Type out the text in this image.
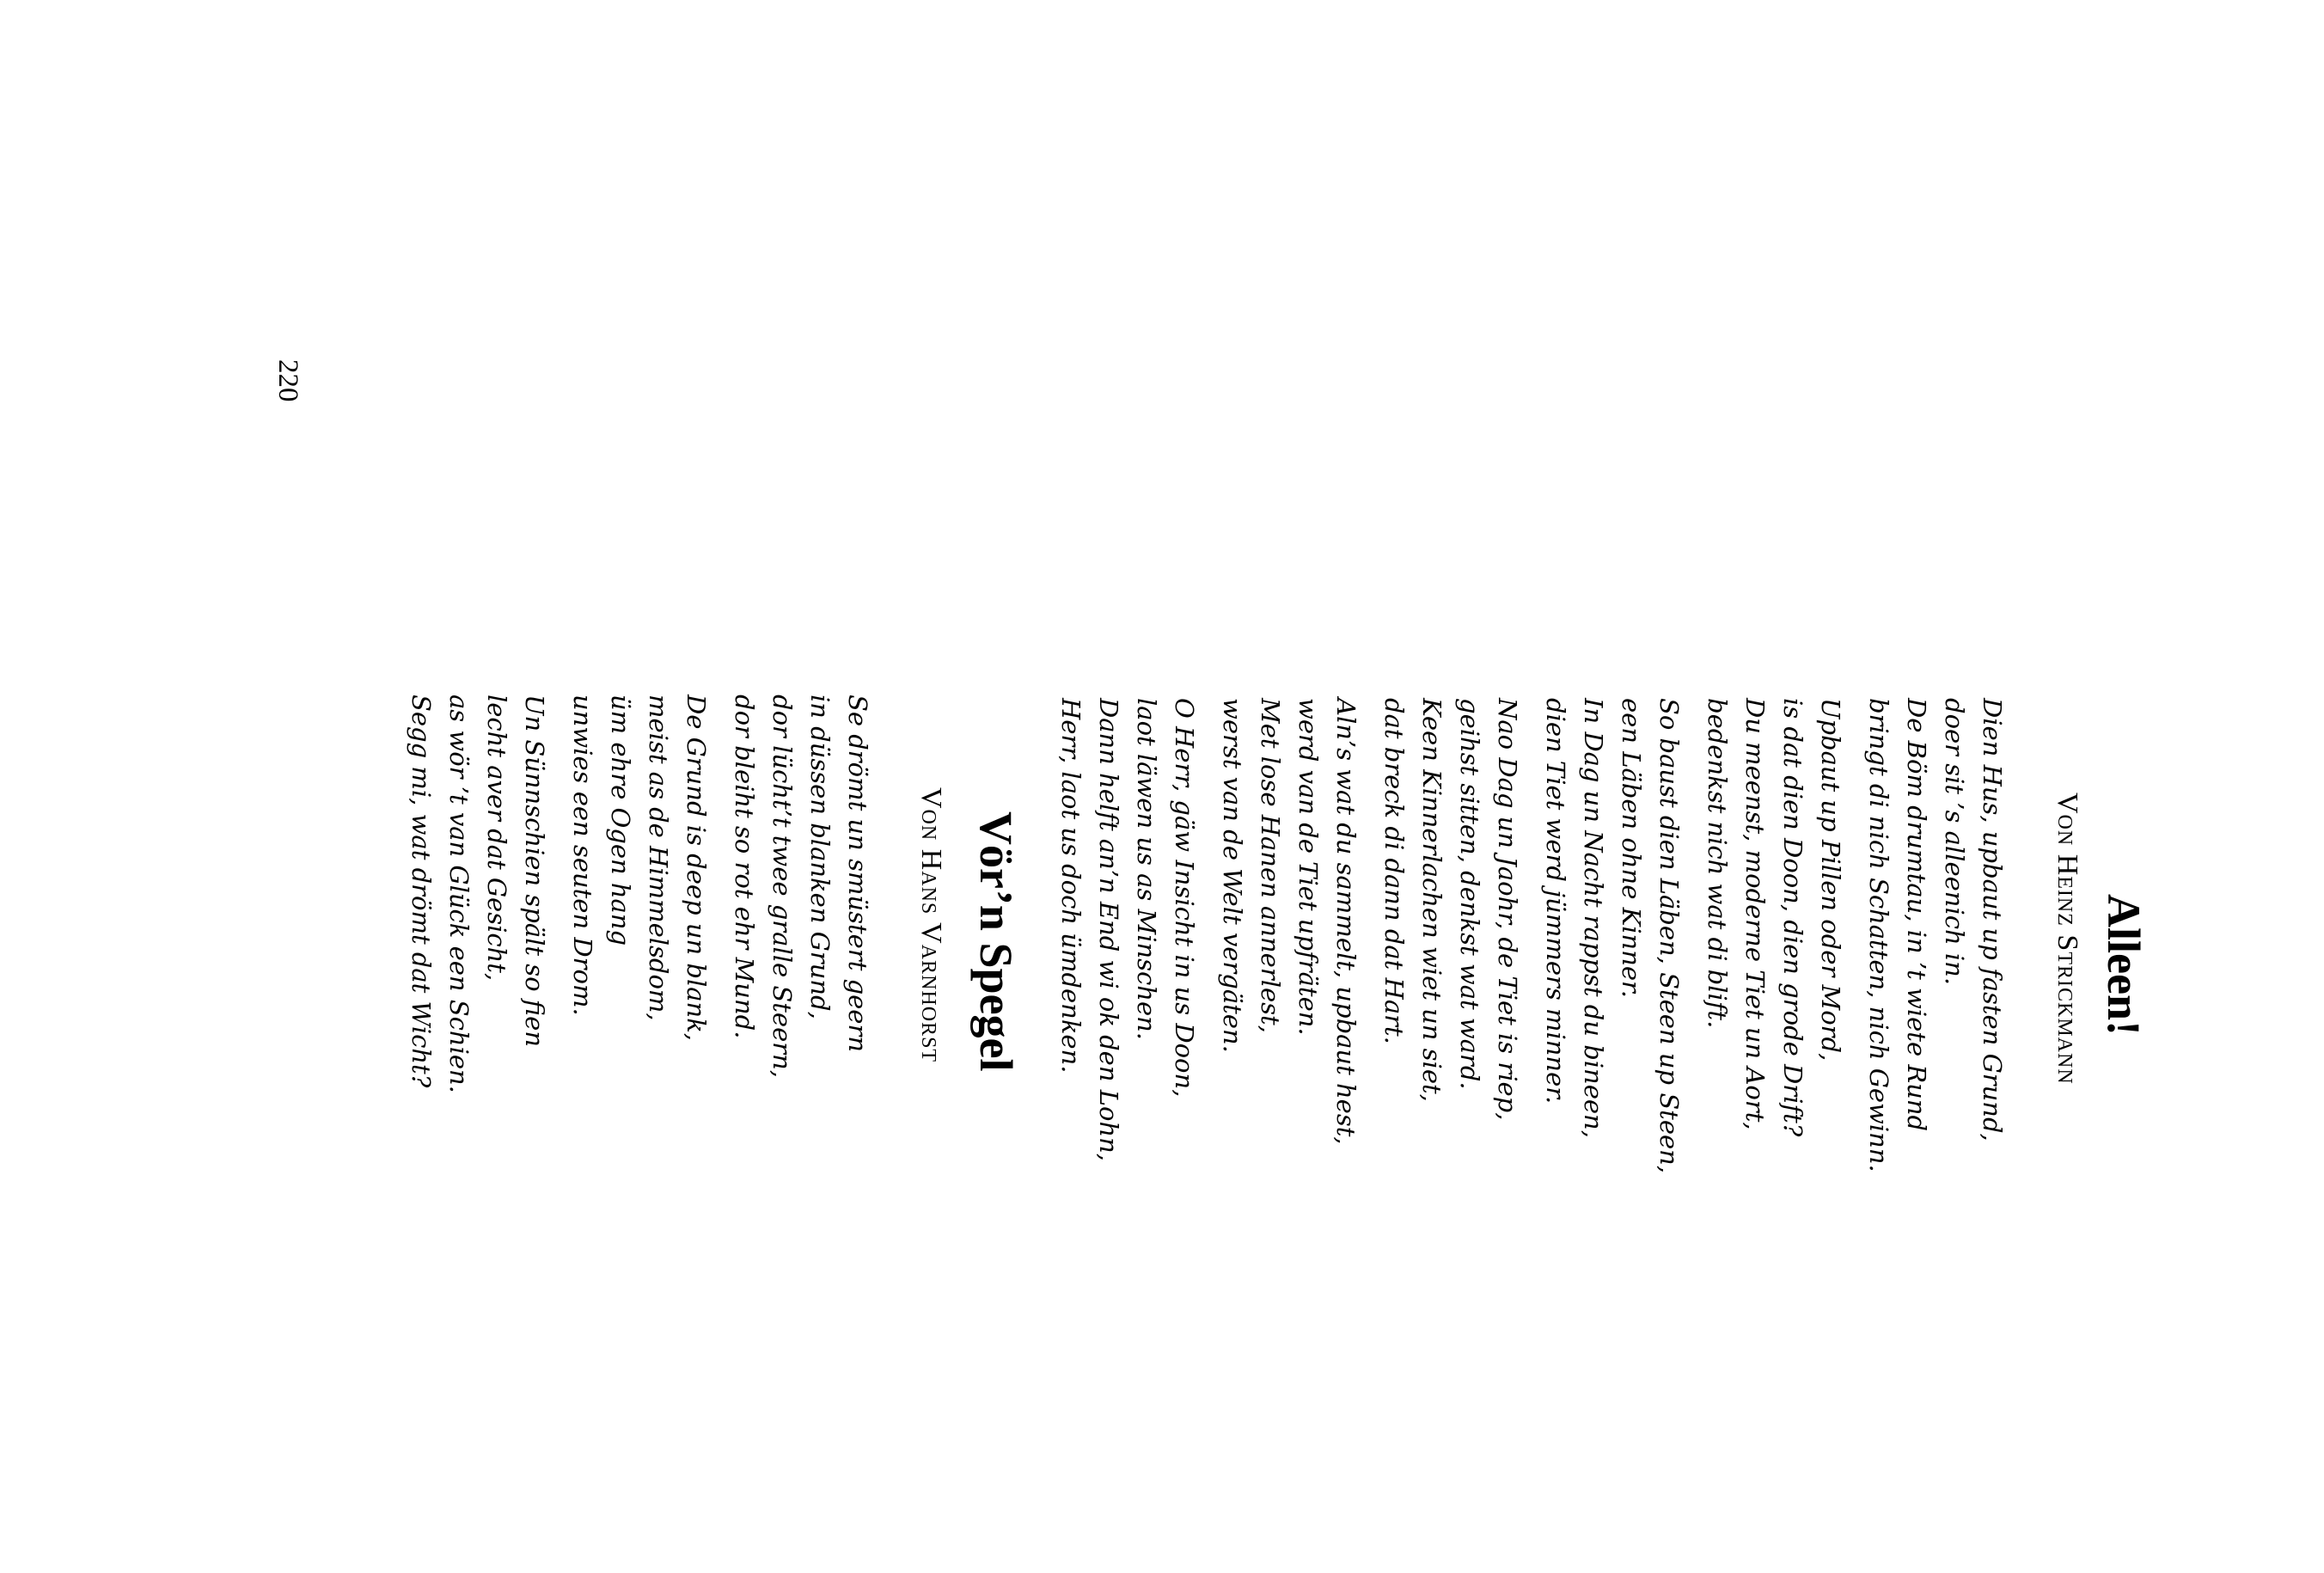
220
Alleen!
Von Heinz Strickmann
Dien Hus, upbaut up fasten Grund,
doer sit ’s alleenich in.
De Böm drumtau, in ’t wiete Rund
bringt di nich Schatten, nich Gewinn.
Upbaut up Pillen oder Mord,
is dat dien Doon, dien grode Drift?
Du meenst, moderne Tiet un Aort,
bedenkst nich wat di blift.
So baust dien Läben, Steen up Steen,
een Läben ohne Kinner.
In Dag un Nacht rappst du bineen,
dien Tiet werd jümmers minner.
Nao Dag un Jaohr, de Tiet is riep,
geihst sitten, denkst wat ward.
Keen Kinnerlachen wiet un siet,
dat breck di dann dat Hart.
Aln’s wat du sammelt, upbaut hest,
werd van de Tiet upfräten.
Met lose Hanen annerlest,
werst van de Welt vergäten.
O Herr, gäw Insicht in us Doon,
laot läwen us as Minschen.
Dann helft an’n End wi ok den Lohn,
Herr, laot us doch ümdenken.
Vör’n Spegel
Von Hans Varnhorst
Se drömt un smüstert geern
in düssen blanken Grund,
dor lücht’t twee gralle Steern,
dor bleiht so rot ehr Mund.
De Grund is deep un blank,
meist as de Himmelsdom,
üm ehre Ogen hang
unwies een seuten Drom.
Un Sünnschien spält so fien
lecht aver dat Gesicht,
as wör ’t van Glück een Schien.
Segg mi, wat drömt dat Wicht?
